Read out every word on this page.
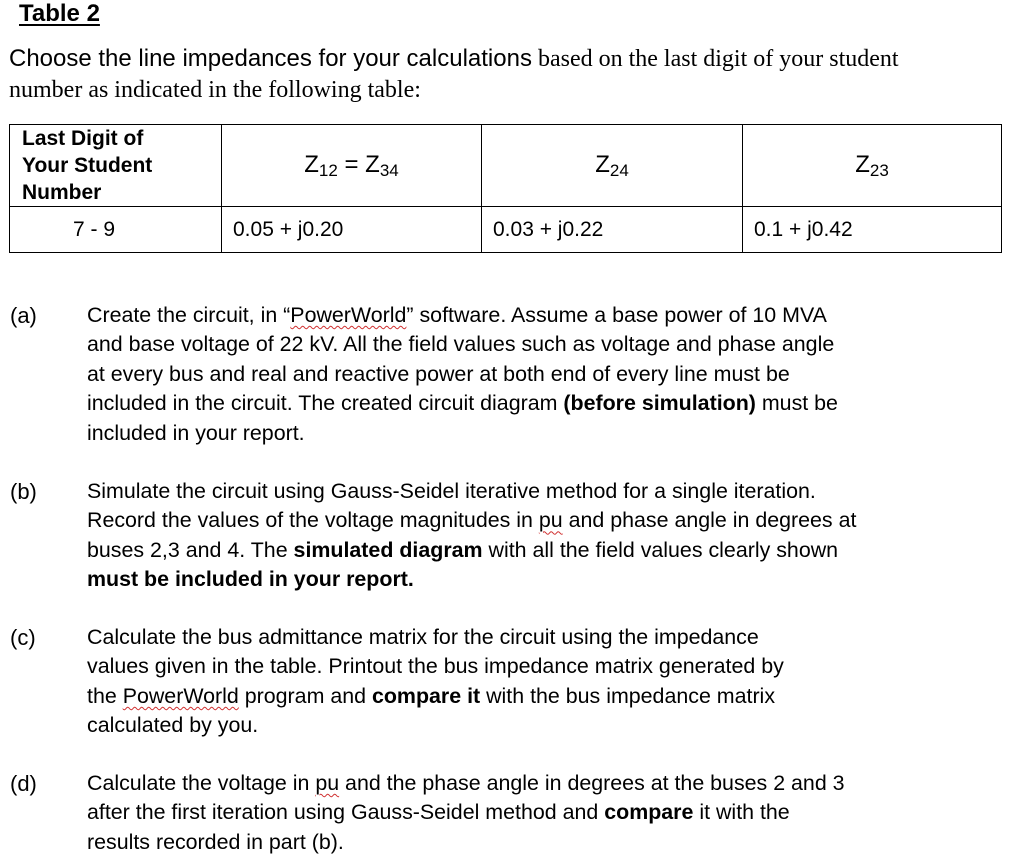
Table 2
Choose the line impedances for your calculations based on the last digit of your student
number as indicated in the following table:
Last Digit of
Your Student
Number	$Z_{12} = Z_{34}$	$Z_{24}$	$Z_{23}$
7 - 9	0.05 + j0.20	0.03 + j0.22	0.1 + j0.42
(a) Create the circuit, in “PowerWorld” software. Assume a base power of 10 MVA
and base voltage of 22 kV. All the field values such as voltage and phase angle
at every bus and real and reactive power at both end of every line must be
included in the circuit. The created circuit diagram (before simulation) must be
included in your report.
(b) Simulate the circuit using Gauss-Seidel iterative method for a single iteration.
Record the values of the voltage magnitudes in pu and phase angle in degrees at
buses 2,3 and 4. The simulated diagram with all the field values clearly shown
must be included in your report.
(c) Calculate the bus admittance matrix for the circuit using the impedance
values given in the table. Printout the bus impedance matrix generated by
the PowerWorld program and compare it with the bus impedance matrix
calculated by you.
(d) Calculate the voltage in pu and the phase angle in degrees at the buses 2 and 3
after the first iteration using Gauss-Seidel method and compare it with the
results recorded in part (b).
